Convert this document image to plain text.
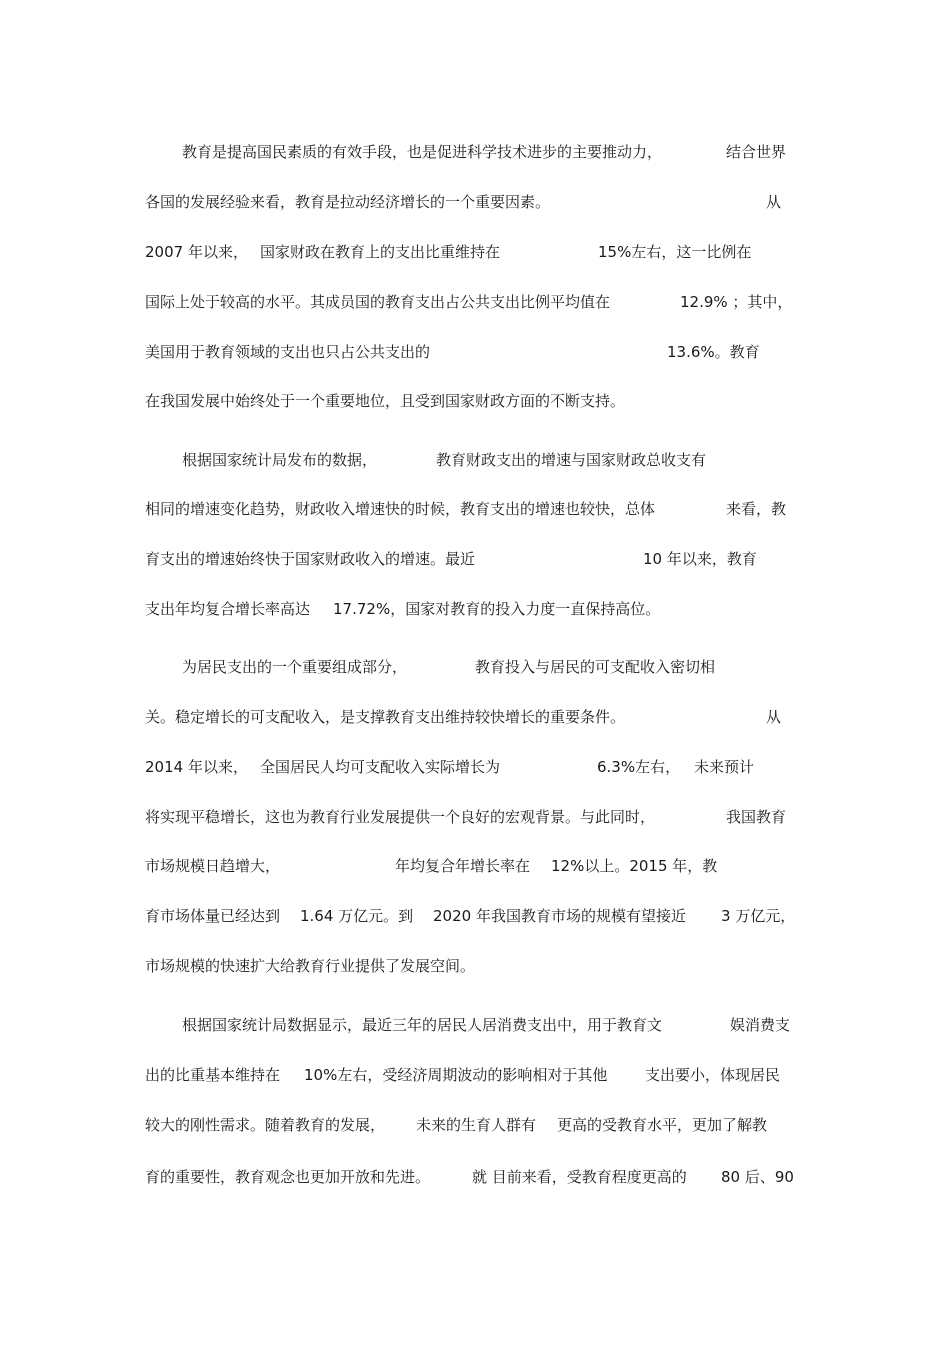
教育是提高国民素质的有效手段，也是促进科学技术进步的主要推动力，	结合世界
各国的发展经验来看，教育是拉动经济增长的一个重要因素。	从
2007 年以来， 国家财政在教育上的支出比重维持在	15%左右，这一比例在
国际上处于较高的水平。其成员国的教育支出占公共支出比例平均值在	12.9% ；其中，
美国用于教育领域的支出也只占公共支出的	13.6%。教育
在我国发展中始终处于一个重要地位，且受到国家财政方面的不断支持。
根据国家统计局发布的数据，	教育财政支出的增速与国家财政总收支有
相同的增速变化趋势，财政收入增速快的时候，教育支出的增速也较快，总体	来看，教
育支出的增速始终快于国家财政收入的增速。最近	10 年以来，教育
支出年均复合增长率高达 17.72%，国家对教育的投入力度一直保持高位。
为居民支出的一个重要组成部分，	教育投入与居民的可支配收入密切相
关。稳定增长的可支配收入，是支撑教育支出维持较快增长的重要条件。	从
2014 年以来， 全国居民人均可支配收入实际增长为	6.3%左右， 未来预计
将实现平稳增长，这也为教育行业发展提供一个良好的宏观背景。与此同时，	我国教育
市场规模日趋增大，	年均复合年增长率在 12%以上。2015 年，教
育市场体量已经达到 1.64 万亿元。到 2020 年我国教育市场的规模有望接近 3 万亿元，
市场规模的快速扩大给教育行业提供了发展空间。
根据国家统计局数据显示，最近三年的居民人居消费支出中，用于教育文	娱消费支
出的比重基本维持在 10%左右，受经济周期波动的影响相对于其他	支出要小，体现居民
较大的刚性需求。随着教育的发展， 未来的生育人群有 更高的受教育水平，更加了解教
育的重要性，教育观念也更加开放和先进。	就 目前来看，受教育程度更高的 80 后、90
